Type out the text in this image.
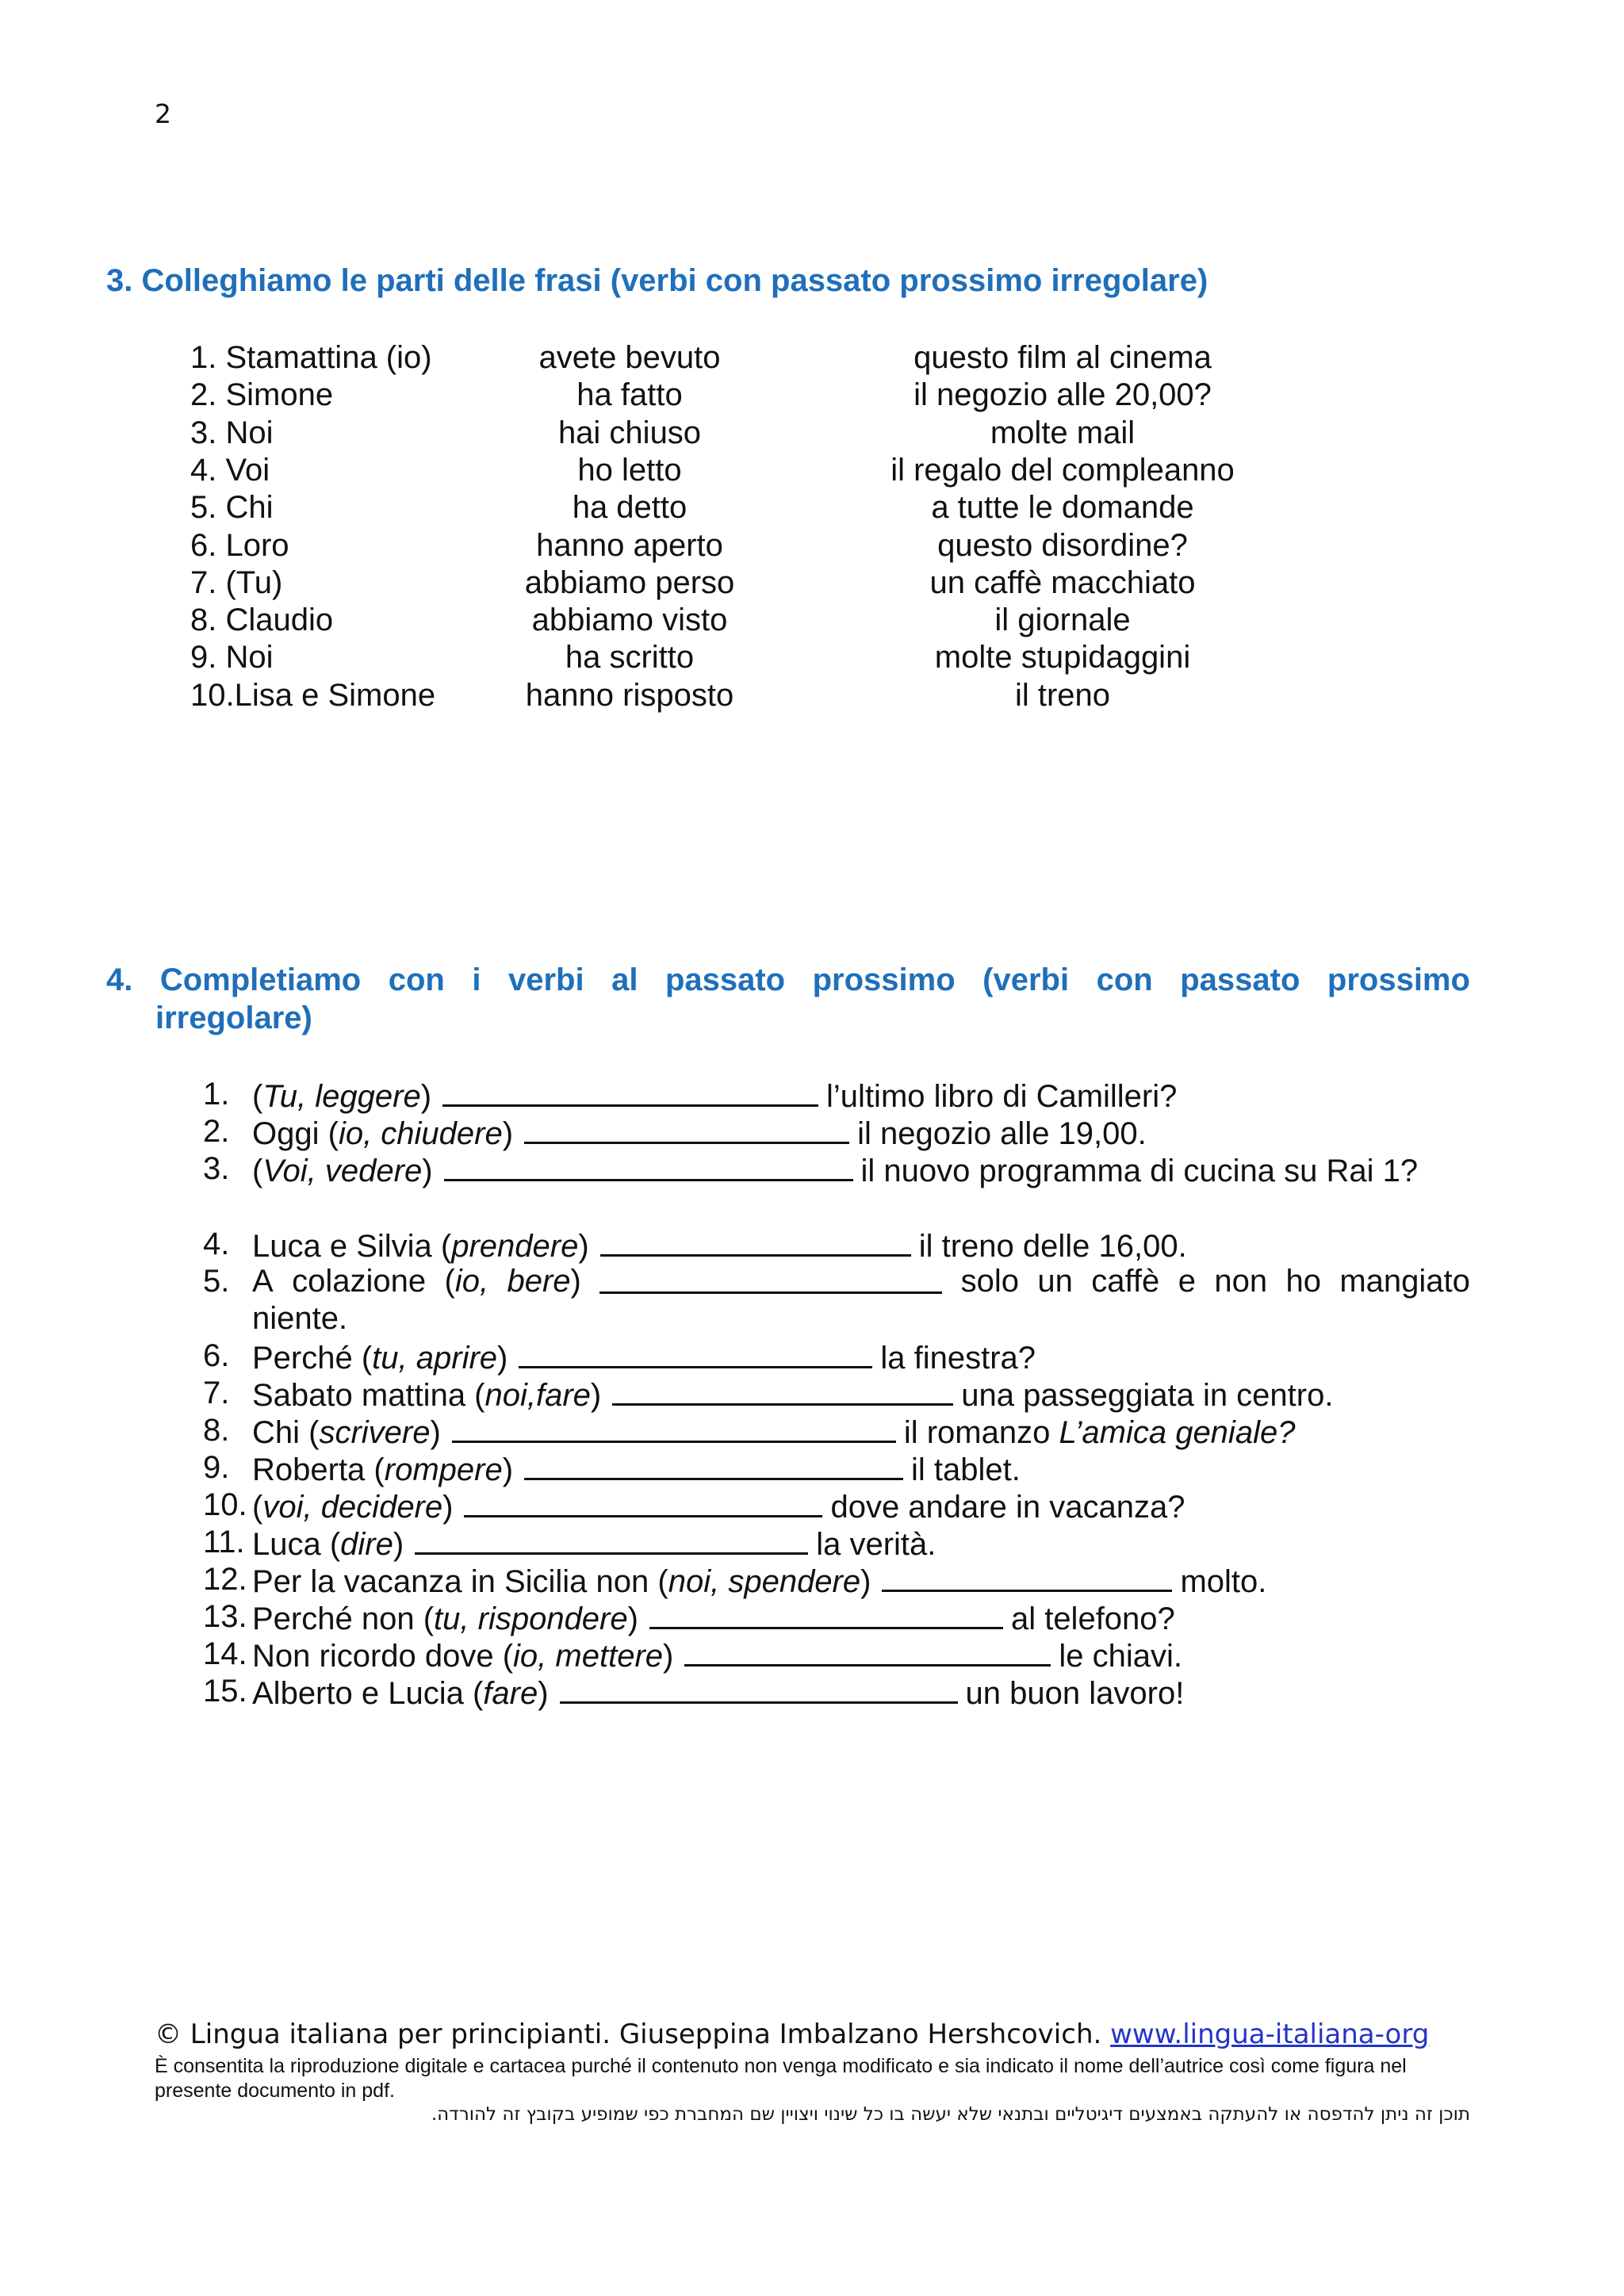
2
3. Colleghiamo le parti delle frasi (verbi con passato prossimo irregolare)
1. Stamattina (io)	avete bevuto	questo film al cinema
2. Simone	ha fatto	il negozio alle 20,00?
3. Noi	hai chiuso	molte mail
4. Voi	ho letto	il regalo del compleanno
5. Chi	ha detto	a tutte le domande
6. Loro	hanno aperto	questo disordine?
7. (Tu)	abbiamo perso	un caffè macchiato
8. Claudio	abbiamo visto	il giornale
9. Noi	ha scritto	molte stupidaggini
10.Lisa e Simone	hanno risposto	il treno
4. Completiamo con i verbi al passato prossimo (verbi con passato prossimo
irregolare)
1. (Tu, leggere)	l’ultimo libro di Camilleri?
2. Oggi (io, chiudere)	il negozio alle 19,00.
3. (Voi, vedere)	il nuovo programma di cucina su Rai 1?
4. Luca e Silvia (prendere)	il treno delle 16,00.
5. A colazione (io, bere)	solo un caffè e non ho mangiato
niente.
6. Perché (tu, aprire)	la finestra?
7. Sabato mattina (noi,fare)	una passeggiata in centro.
8. Chi (scrivere)	il romanzo L’amica geniale?
9. Roberta (rompere)	il tablet.
10. (voi, decidere)	dove andare in vacanza?
11. Luca (dire)	la verità.
12. Per la vacanza in Sicilia non (noi, spendere)	molto.
13. Perché non (tu, rispondere)	al telefono?
14. Non ricordo dove (io, mettere)	le chiavi.
15. Alberto e Lucia (fare)	un buon lavoro!
© Lingua italiana per principianti. Giuseppina Imbalzano Hershcovich. www.lingua-italiana-org
È consentita la riproduzione digitale e cartacea purché il contenuto non venga modificato e sia indicato il nome dell’autrice così come figura nel presente documento in pdf.
תוכן זה ניתן להדפסה או להעתקה באמצעים דיגיטליים ובתנאי שלא יעשה בו כל שינוי ויצויין שם המחברת כפי שמופיע בקובץ זה להורדה.
